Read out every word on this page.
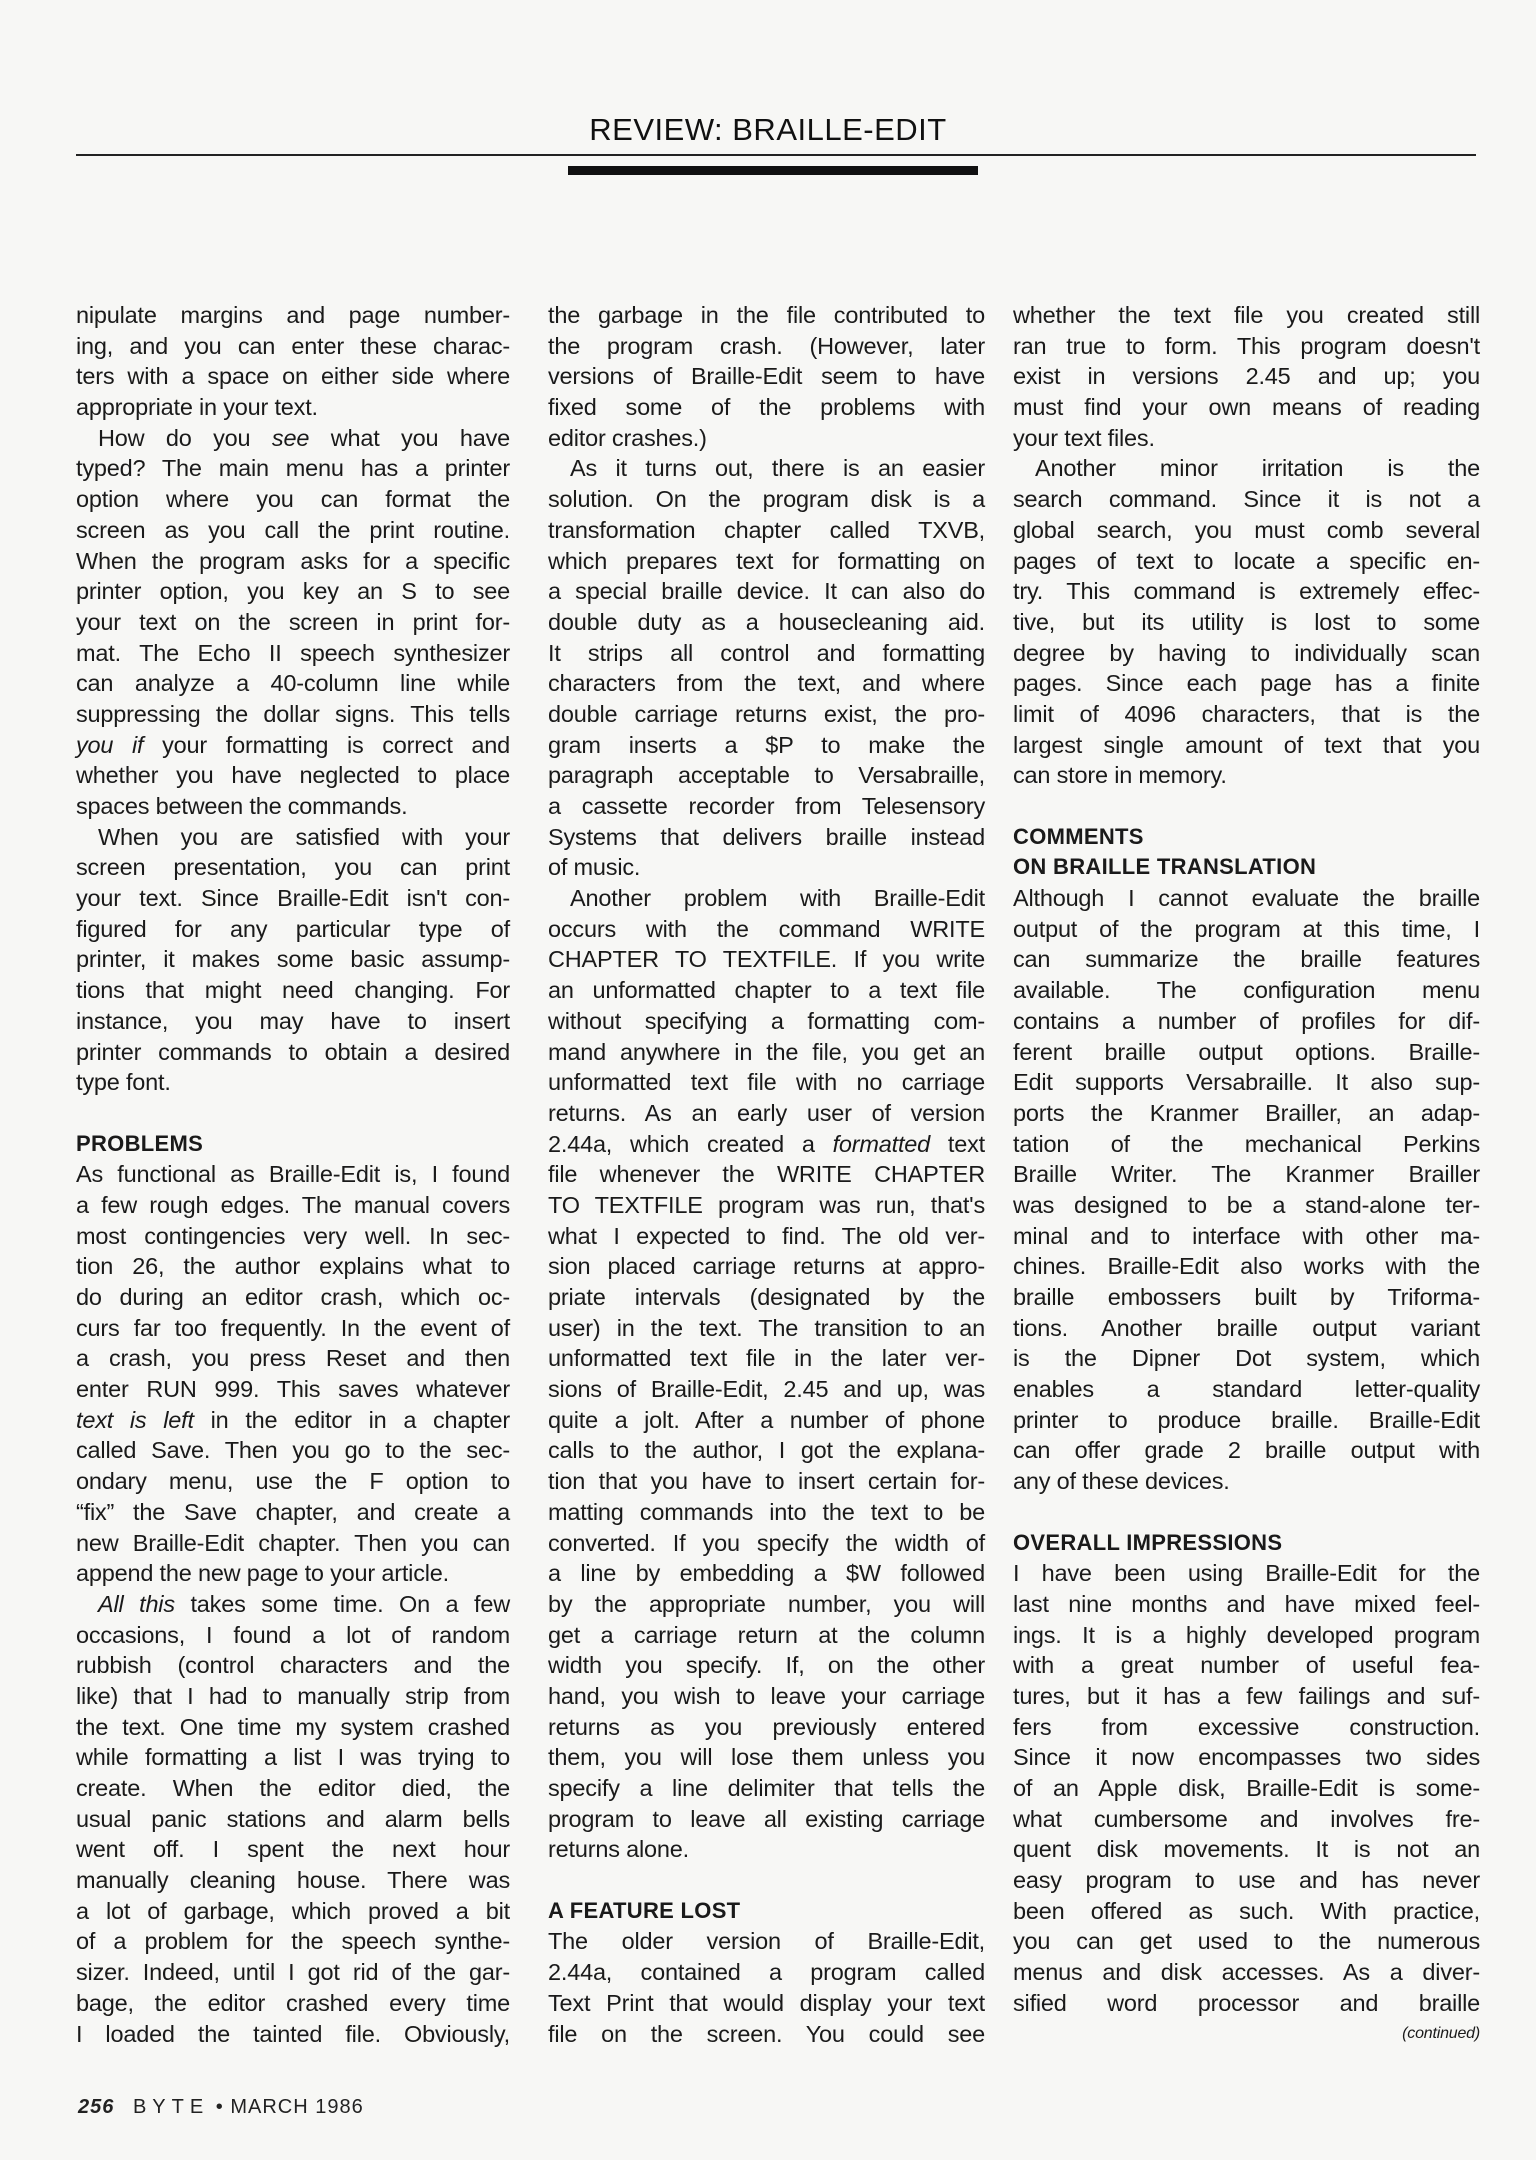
REVIEW: BRAILLE-EDIT
nipulate margins and page number-
ing, and you can enter these charac-
ters with a space on either side where
appropriate in your text.
How do you see what you have
typed? The main menu has a printer
option where you can format the
screen as you call the print routine.
When the program asks for a specific
printer option, you key an S to see
your text on the screen in print for-
mat. The Echo II speech synthesizer
can analyze a 40-column line while
suppressing the dollar signs. This tells
you if your formatting is correct and
whether you have neglected to place
spaces between the commands.
When you are satisfied with your
screen presentation, you can print
your text. Since Braille-Edit isn't con-
figured for any particular type of
printer, it makes some basic assump-
tions that might need changing. For
instance, you may have to insert
printer commands to obtain a desired
type font.
PROBLEMS
As functional as Braille-Edit is, I found
a few rough edges. The manual covers
most contingencies very well. In sec-
tion 26, the author explains what to
do during an editor crash, which oc-
curs far too frequently. In the event of
a crash, you press Reset and then
enter RUN 999. This saves whatever
text is left in the editor in a chapter
called Save. Then you go to the sec-
ondary menu, use the F option to
“fix” the Save chapter, and create a
new Braille-Edit chapter. Then you can
append the new page to your article.
All this takes some time. On a few
occasions, I found a lot of random
rubbish (control characters and the
like) that I had to manually strip from
the text. One time my system crashed
while formatting a list I was trying to
create. When the editor died, the
usual panic stations and alarm bells
went off. I spent the next hour
manually cleaning house. There was
a lot of garbage, which proved a bit
of a problem for the speech synthe-
sizer. Indeed, until I got rid of the gar-
bage, the editor crashed every time
I loaded the tainted file. Obviously,
the garbage in the file contributed to
the program crash. (However, later
versions of Braille-Edit seem to have
fixed some of the problems with
editor crashes.)
As it turns out, there is an easier
solution. On the program disk is a
transformation chapter called TXVB,
which prepares text for formatting on
a special braille device. It can also do
double duty as a housecleaning aid.
It strips all control and formatting
characters from the text, and where
double carriage returns exist, the pro-
gram inserts a $P to make the
paragraph acceptable to Versabraille,
a cassette recorder from Telesensory
Systems that delivers braille instead
of music.
Another problem with Braille-Edit
occurs with the command WRITE
CHAPTER TO TEXTFILE. If you write
an unformatted chapter to a text file
without specifying a formatting com-
mand anywhere in the file, you get an
unformatted text file with no carriage
returns. As an early user of version
2.44a, which created a formatted text
file whenever the WRITE CHAPTER
TO TEXTFILE program was run, that's
what I expected to find. The old ver-
sion placed carriage returns at appro-
priate intervals (designated by the
user) in the text. The transition to an
unformatted text file in the later ver-
sions of Braille-Edit, 2.45 and up, was
quite a jolt. After a number of phone
calls to the author, I got the explana-
tion that you have to insert certain for-
matting commands into the text to be
converted. If you specify the width of
a line by embedding a $W followed
by the appropriate number, you will
get a carriage return at the column
width you specify. If, on the other
hand, you wish to leave your carriage
returns as you previously entered
them, you will lose them unless you
specify a line delimiter that tells the
program to leave all existing carriage
returns alone.
A FEATURE LOST
The older version of Braille-Edit,
2.44a, contained a program called
Text Print that would display your text
file on the screen. You could see
whether the text file you created still
ran true to form. This program doesn't
exist in versions 2.45 and up; you
must find your own means of reading
your text files.
Another minor irritation is the
search command. Since it is not a
global search, you must comb several
pages of text to locate a specific en-
try. This command is extremely effec-
tive, but its utility is lost to some
degree by having to individually scan
pages. Since each page has a finite
limit of 4096 characters, that is the
largest single amount of text that you
can store in memory.
COMMENTS
ON BRAILLE TRANSLATION
Although I cannot evaluate the braille
output of the program at this time, I
can summarize the braille features
available. The configuration menu
contains a number of profiles for dif-
ferent braille output options. Braille-
Edit supports Versabraille. It also sup-
ports the Kranmer Brailler, an adap-
tation of the mechanical Perkins
Braille Writer. The Kranmer Brailler
was designed to be a stand-alone ter-
minal and to interface with other ma-
chines. Braille-Edit also works with the
braille embossers built by Triforma-
tions. Another braille output variant
is the Dipner Dot system, which
enables a standard letter-quality
printer to produce braille. Braille-Edit
can offer grade 2 braille output with
any of these devices.
OVERALL IMPRESSIONS
I have been using Braille-Edit for the
last nine months and have mixed feel-
ings. It is a highly developed program
with a great number of useful fea-
tures, but it has a few failings and suf-
fers from excessive construction.
Since it now encompasses two sides
of an Apple disk, Braille-Edit is some-
what cumbersome and involves fre-
quent disk movements. It is not an
easy program to use and has never
been offered as such. With practice,
you can get used to the numerous
menus and disk accesses. As a diver-
sified word processor and braille
(continued)
256 BYTE • MARCH 1986
